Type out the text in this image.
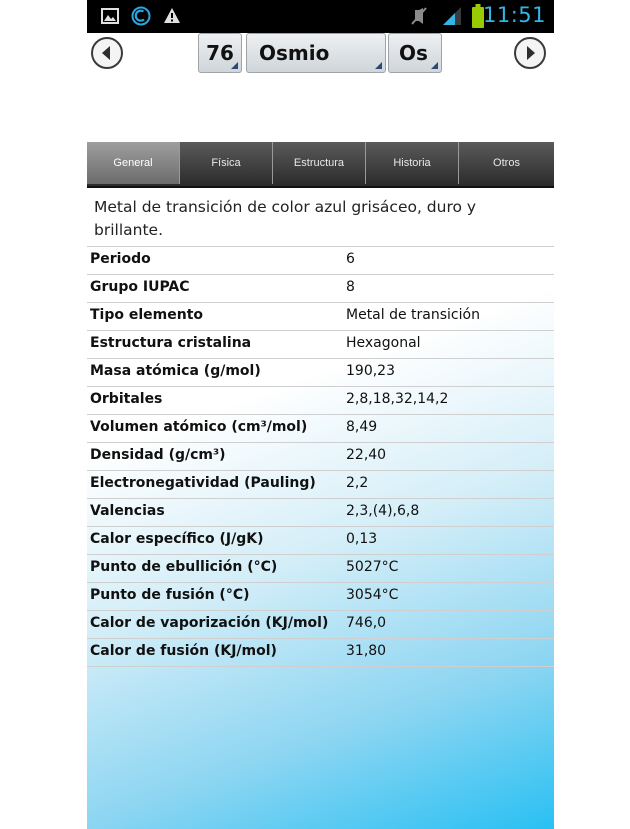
11:51
76 Osmio	Os
General	Física	Estructura	Historia	Otros
Metal de transición de color azul grisáceo, duro y brillante.
Periodo	6
Grupo IUPAC	8
Tipo elemento	Metal de transición
Estructura cristalina	Hexagonal
Masa atómica (g/mol)	190,23
Orbitales	2,8,18,32,14,2
Volumen atómico (cm³/mol)	8,49
Densidad (g/cm³)	22,40
Electronegatividad (Pauling) 2,2
Valencias	2,3,(4),6,8
Calor específico (J/gK)	0,13
Punto de ebullición (°C)	5027°C
Punto de fusión (°C)	3054°C
Calor de vaporización (KJ/mol) 746,0
Calor de fusión (KJ/mol)	31,80
